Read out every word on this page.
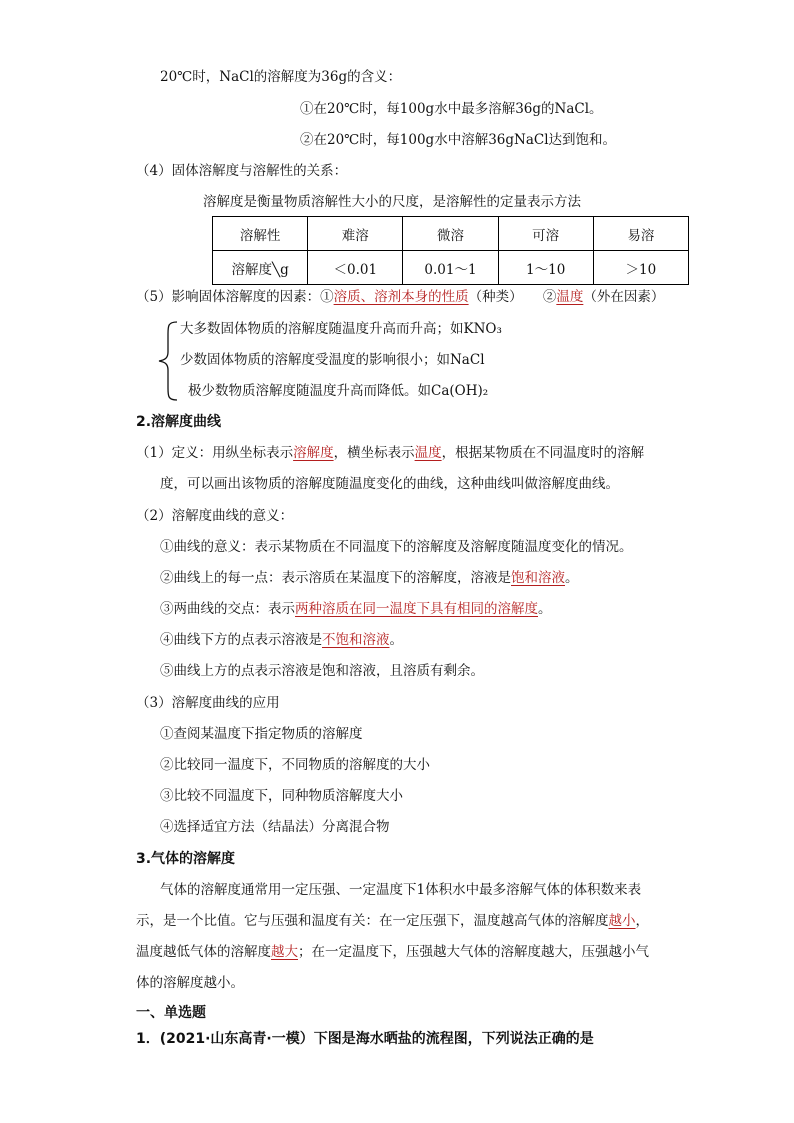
20℃时，NaCl的溶解度为36g的含义：
①在20℃时，每100g水中最多溶解36g的NaCl。
②在20℃时，每100g水中溶解36gNaCl达到饱和。
（4）固体溶解度与溶解性的关系：
溶解度是衡量物质溶解性大小的尺度，是溶解性的定量表示方法
溶解性	难溶	微溶	可溶	易溶
溶解度╲g	＜0.01	0.01～1	1～10	＞10
（5）影响固体溶解度的因素：①溶质、溶剂本身的性质（种类）　　②温度（外在因素）
大多数固体物质的溶解度随温度升高而升高；如KNO₃
少数固体物质的溶解度受温度的影响很小；如NaCl
极少数物质溶解度随温度升高而降低。如Ca(OH)₂
2.溶解度曲线
（1）定义：用纵坐标表示溶解度，横坐标表示温度，根据某物质在不同温度时的溶解
度，可以画出该物质的溶解度随温度变化的曲线，这种曲线叫做溶解度曲线。
（2）溶解度曲线的意义：
①曲线的意义：表示某物质在不同温度下的溶解度及溶解度随温度变化的情况。
②曲线上的每一点：表示溶质在某温度下的溶解度，溶液是饱和溶液。
③两曲线的交点：表示两种溶质在同一温度下具有相同的溶解度。
④曲线下方的点表示溶液是不饱和溶液。
⑤曲线上方的点表示溶液是饱和溶液，且溶质有剩余。
（3）溶解度曲线的应用
①查阅某温度下指定物质的溶解度
②比较同一温度下，不同物质的溶解度的大小
③比较不同温度下，同种物质溶解度大小
④选择适宜方法（结晶法）分离混合物
3.气体的溶解度
气体的溶解度通常用一定压强、一定温度下1体积水中最多溶解气体的体积数来表
示，是一个比值。它与压强和温度有关：在一定压强下，温度越高气体的溶解度越小，
温度越低气体的溶解度越大；在一定温度下，压强越大气体的溶解度越大，压强越小气
体的溶解度越小。
一、单选题
1．(2021·山东高青·一模）下图是海水晒盐的流程图，下列说法正确的是
